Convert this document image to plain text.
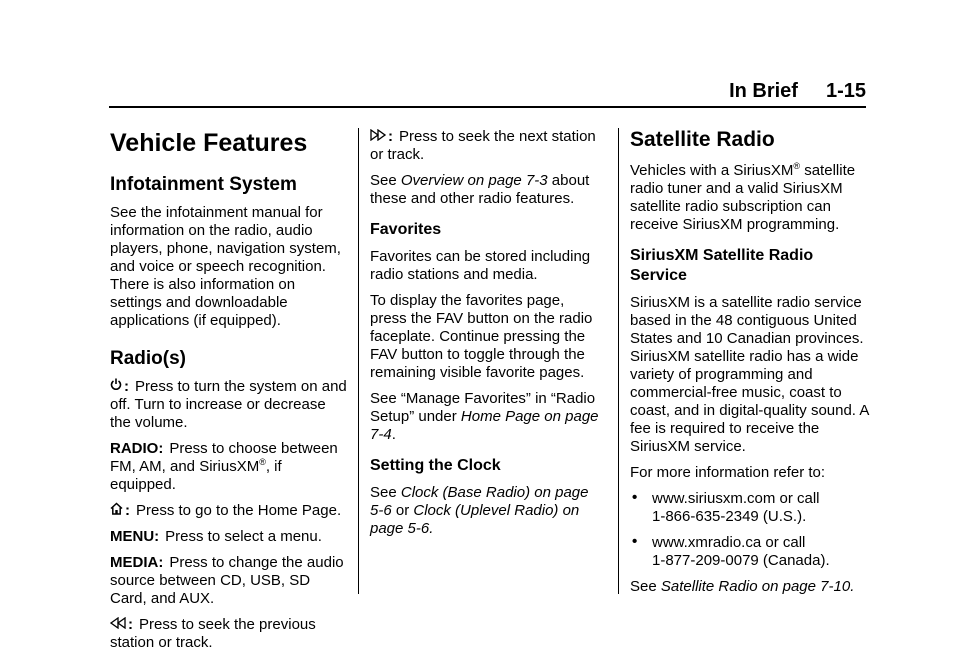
In Brief 1-15
Vehicle Features
Infotainment System

See the infotainment manual for information on the radio, audio players, phone, navigation system, and voice or speech recognition. There is also information on settings and downloadable applications (if equipped).

Radio(s)

: Press to turn the system on and off. Turn to increase or decrease the volume.

RADIO: Press to choose between FM, AM, and SiriusXM®, if equipped.

: Press to go to the Home Page.

MENU: Press to select a menu.

MEDIA: Press to change the audio source between CD, USB, SD Card, and AUX.

: Press to seek the previous station or track.

: Press to seek the next station or track.

See Overview on page 7-3 about these and other radio features.

Favorites

Favorites can be stored including radio stations and media.

To display the favorites page, press the FAV button on the radio faceplate. Continue pressing the FAV button to toggle through the remaining visible favorite pages.

See “Manage Favorites” in “Radio Setup” under Home Page on page 7-4.

Setting the Clock

See Clock (Base Radio) on page 5-6 or Clock (Uplevel Radio) on page 5-6.

Satellite Radio

Vehicles with a SiriusXM® satellite radio tuner and a valid SiriusXM satellite radio subscription can receive SiriusXM programming.

SiriusXM Satellite Radio Service

SiriusXM is a satellite radio service based in the 48 contiguous United States and 10 Canadian provinces. SiriusXM satellite radio has a wide variety of programming and commercial-free music, coast to coast, and in digital-quality sound. A fee is required to receive the SiriusXM service.

For more information refer to:

• www.siriusxm.com or call
1-866-635-2349 (U.S.).
• www.xmradio.ca or call
1-877-209-0079 (Canada).

See Satellite Radio on page 7-10.
